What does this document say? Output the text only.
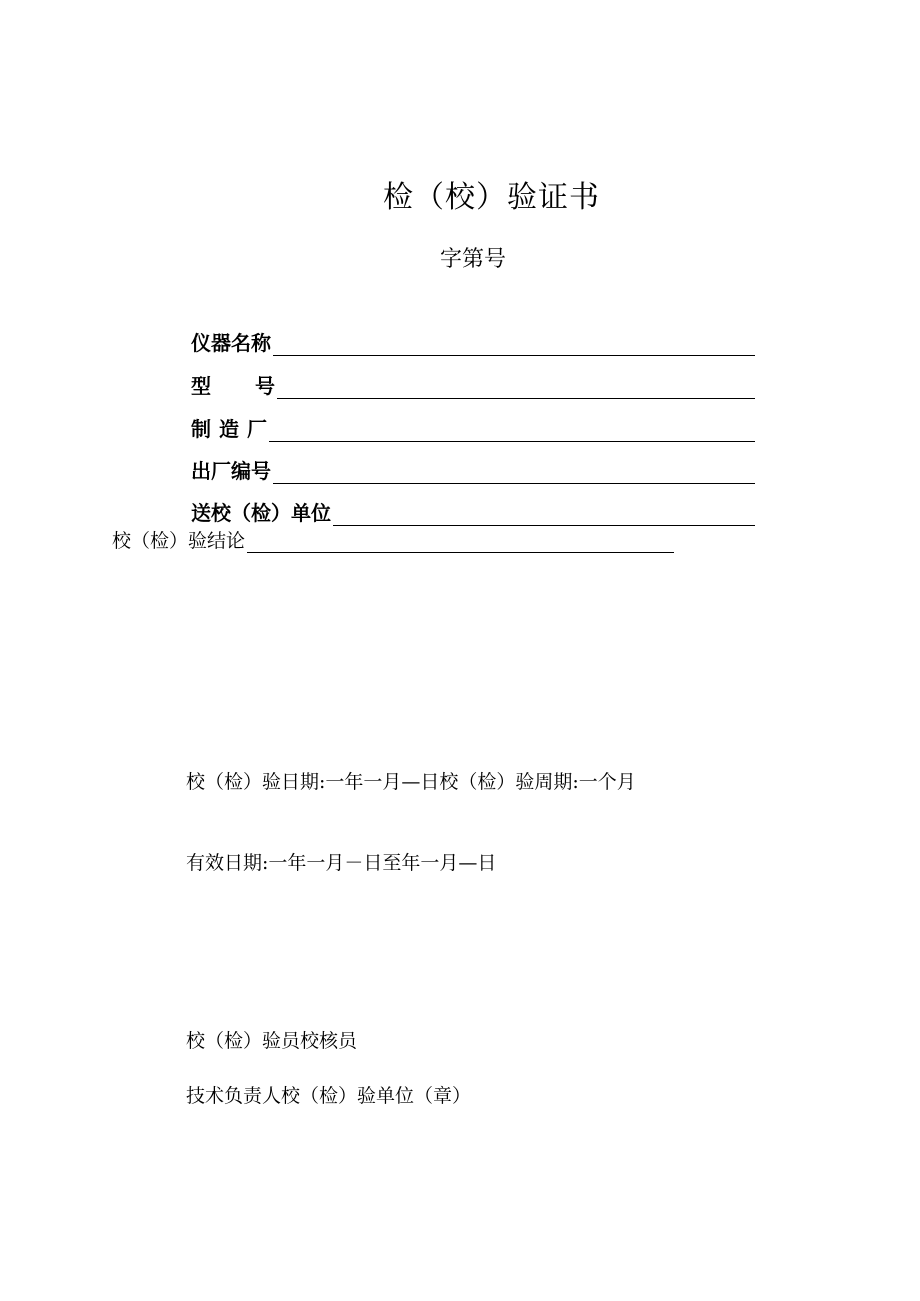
检（校）验证书
字第号
仪器名称
型号
制造厂
出厂编号
送校（检）单位
校（检）验结论
校（检）验日期:一年一月—日校（检）验周期:一个月
有效日期:一年一月－日至年一月—日
校（检）验员校核员
技术负责人校（检）验单位（章）
